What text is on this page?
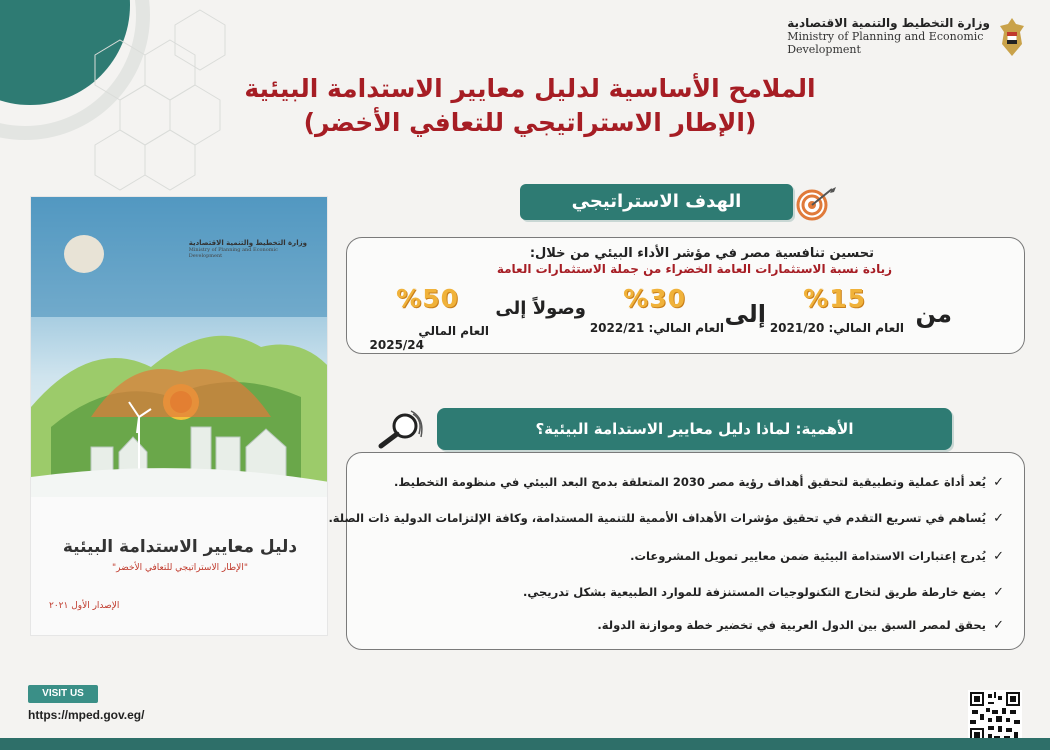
وزارة التخطيط والتنمية الاقتصادية
Ministry of Planning and Economic
Development
الملامح الأساسية لدليل معايير الاستدامة البيئية
(الإطار الاستراتيجي للتعافي الأخضر)
وزارة التخطيط والتنمية الاقتصادية
Ministry of Planning and Economic
Development
دليل معايير الاستدامة البيئية
"الإطار الاستراتيجي للتعافي الأخضر"
الإصدار الأول ٢٠٢١
الهدف الاستراتيجي
تحسين تنافسية مصر في مؤشر الأداء البيئي من خلال:
زيادة نسبة الاستثمارات العامة الخضراء من جملة الاستثمارات العامة
من
%15
العام المالي: 2021/20
إلى
%30
العام المالي: 2022/21
وصولاً إلى
%50
العام المالي
2025/24
الأهمية: لماذا دليل معايير الاستدامة البيئية؟
✓
يُعد أداة عملية وتطبيقية لتحقيق أهداف رؤية مصر 2030 المتعلقة بدمج البعد البيئي في منظومة التخطيط.
✓
يُساهم في تسريع التقدم في تحقيق مؤشرات الأهداف الأممية للتنمية المستدامة، وكافة الإلتزامات الدولية ذات الصلة.
✓
يُدرج إعتبارات الاستدامة البيئية ضمن معايير تمويل المشروعات.
✓
يضع خارطة طريق لتخارج التكنولوجيات المستنزفة للموارد الطبيعية بشكل تدريجي.
✓
يحقق لمصر السبق بين الدول العربية في تخضير خطة وموازنة الدولة.
VISIT US
https://mped.gov.eg/
